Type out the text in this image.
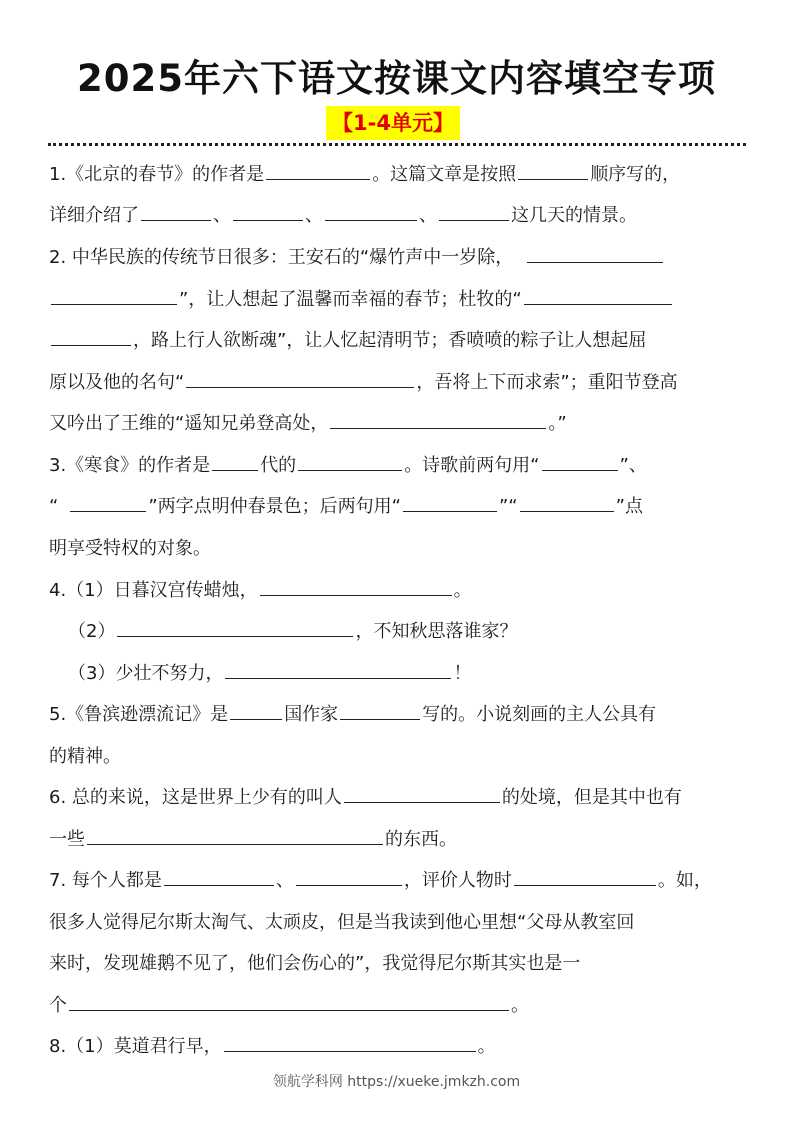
2025年六下语文按课文内容填空专项
【1-4单元】
1.《北京的春节》的作者是	。这篇文章是按照	顺序写的，
详细介绍了	、	、	、	这几天的情景。
2. 中华民族的传统节日很多：王安石的“爆竹声中一岁除，
”，让人想起了温馨而幸福的春节；杜牧的“
，路上行人欲断魂”，让人忆起清明节；香喷喷的粽子让人想起屈
原以及他的名句“	，吾将上下而求索”；重阳节登高
又吟出了王维的“遥知兄弟登高处，	。”
3.《寒食》的作者是	代的	。诗歌前两句用“	”、
“	”两字点明仲春景色；后两句用“	”“	”点
明享受特权的对象。
4.（1）日暮汉宫传蜡烛，	。
（2）	，不知秋思落谁家？
（3）少壮不努力，	！
5.《鲁滨逊漂流记》是	国作家	写的。小说刻画的主人公具有
的精神。
6. 总的来说，这是世界上少有的叫人	的处境，但是其中也有
一些	的东西。
7. 每个人都是	、	，评价人物时	。如，
很多人觉得尼尔斯太淘气、太顽皮，但是当我读到他心里想“父母从教室回
来时，发现雄鹅不见了，他们会伤心的”，我觉得尼尔斯其实也是一
个	。
8.（1）莫道君行早，	。
领航学科网 https://xueke.jmkzh.com
